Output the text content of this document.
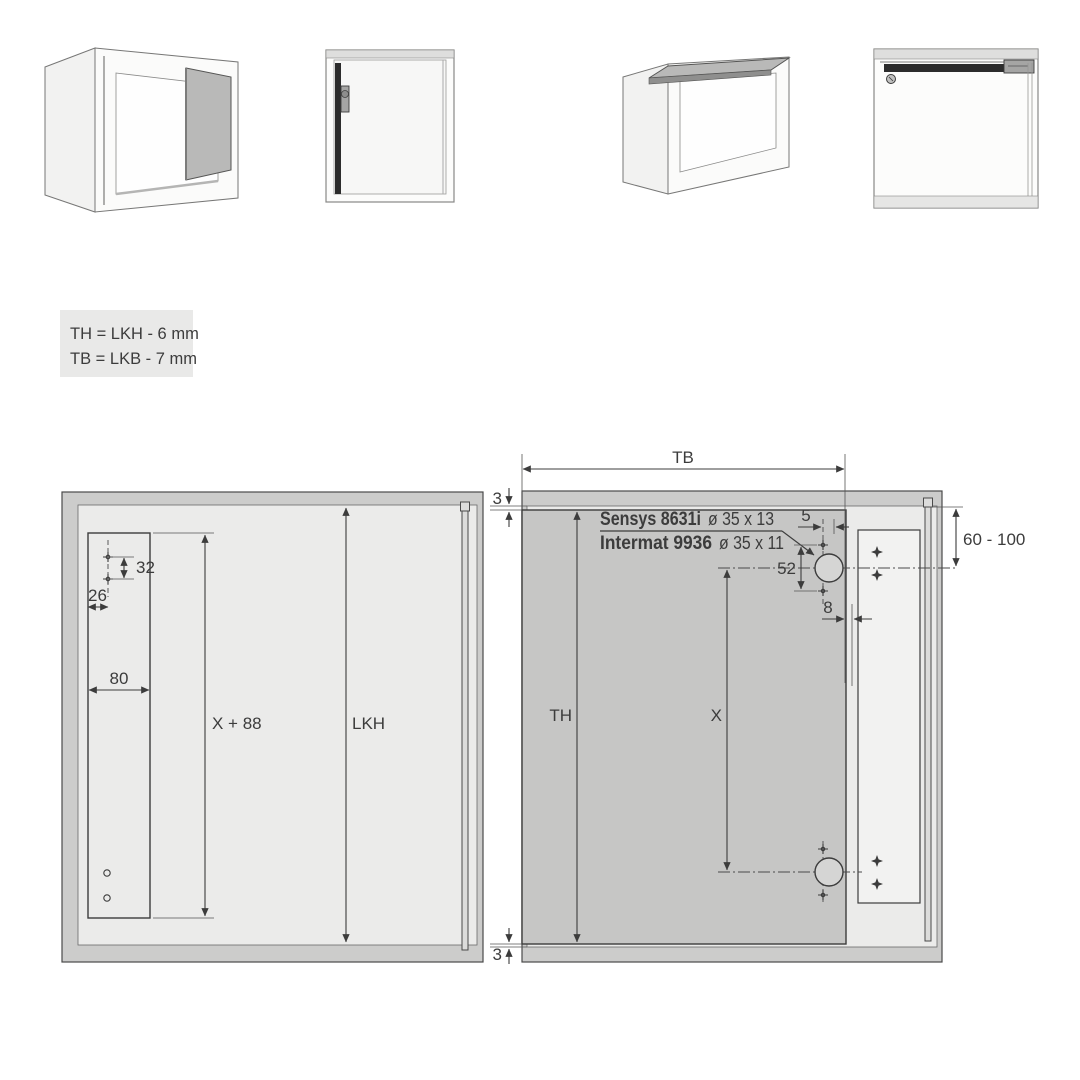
TH = LKH - 6 mm
TB = LKB - 7 mm
32
26
80
X + 88	LKH
3
3
TB
TH
Sensys 8631i ø 35 x 13
Intermat 9936 ø 35 x 11
5
52
8
60 - 100
X
